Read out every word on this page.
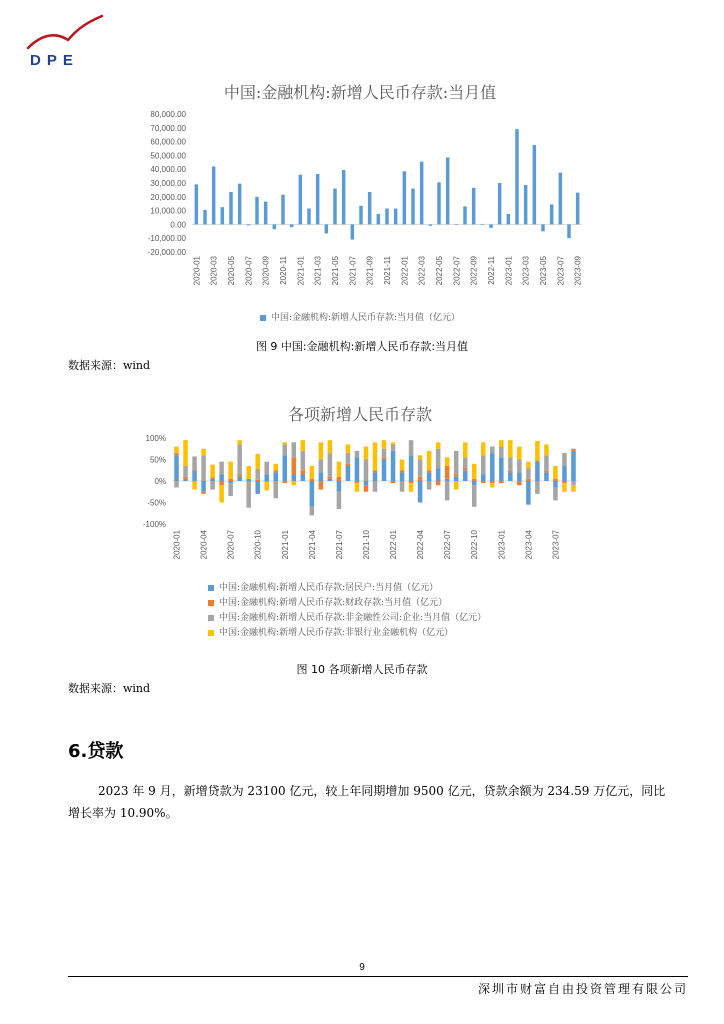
DPE
中国:金融机构:新增人民币存款:当月值
80,000.00
70,000.00
60,000.00
50,000.00
40,000.00
30,000.00
20,000.00
10,000.00
0.00
-10,000.00
-20,000.00
2020-01 2020-03 2020-05 2020-07 2020-09 2020-11 2021-01 2021-03 2021-05 2021-07 2021-09 2021-11 2022-01 2022-03 2022-05 2022-07 2022-09 2022-11 2023-01 2023-03 2023-05 2023-07 2023-09
中国:金融机构:新增人民币存款:当月值（亿元）
图 9 中国:金融机构:新增人民币存款:当月值
数据来源：wind
各项新增人民币存款
100%
50%
0%
-50%
-100%
2020-01 2020-04 2020-07 2020-10 2021-01 2021-04 2021-07 2021-10 2022-01 2022-04 2022-07 2022-10 2023-01 2023-04 2023-07
中国:金融机构:新增人民币存款:居民户:当月值（亿元）
中国:金融机构:新增人民币存款:财政存款:当月值（亿元）
中国:金融机构:新增人民币存款:非金融性公司:企业:当月值（亿元）
中国:金融机构:新增人民币存款:非银行业金融机构（亿元）
图 10 各项新增人民币存款
数据来源：wind
6.贷款
2023 年 9 月，新增贷款为 23100 亿元，较上年同期增加 9500 亿元，贷款余额为 234.59 万亿元，同比增长率为 10.90%。
9
深圳市财富自由投资管理有限公司
